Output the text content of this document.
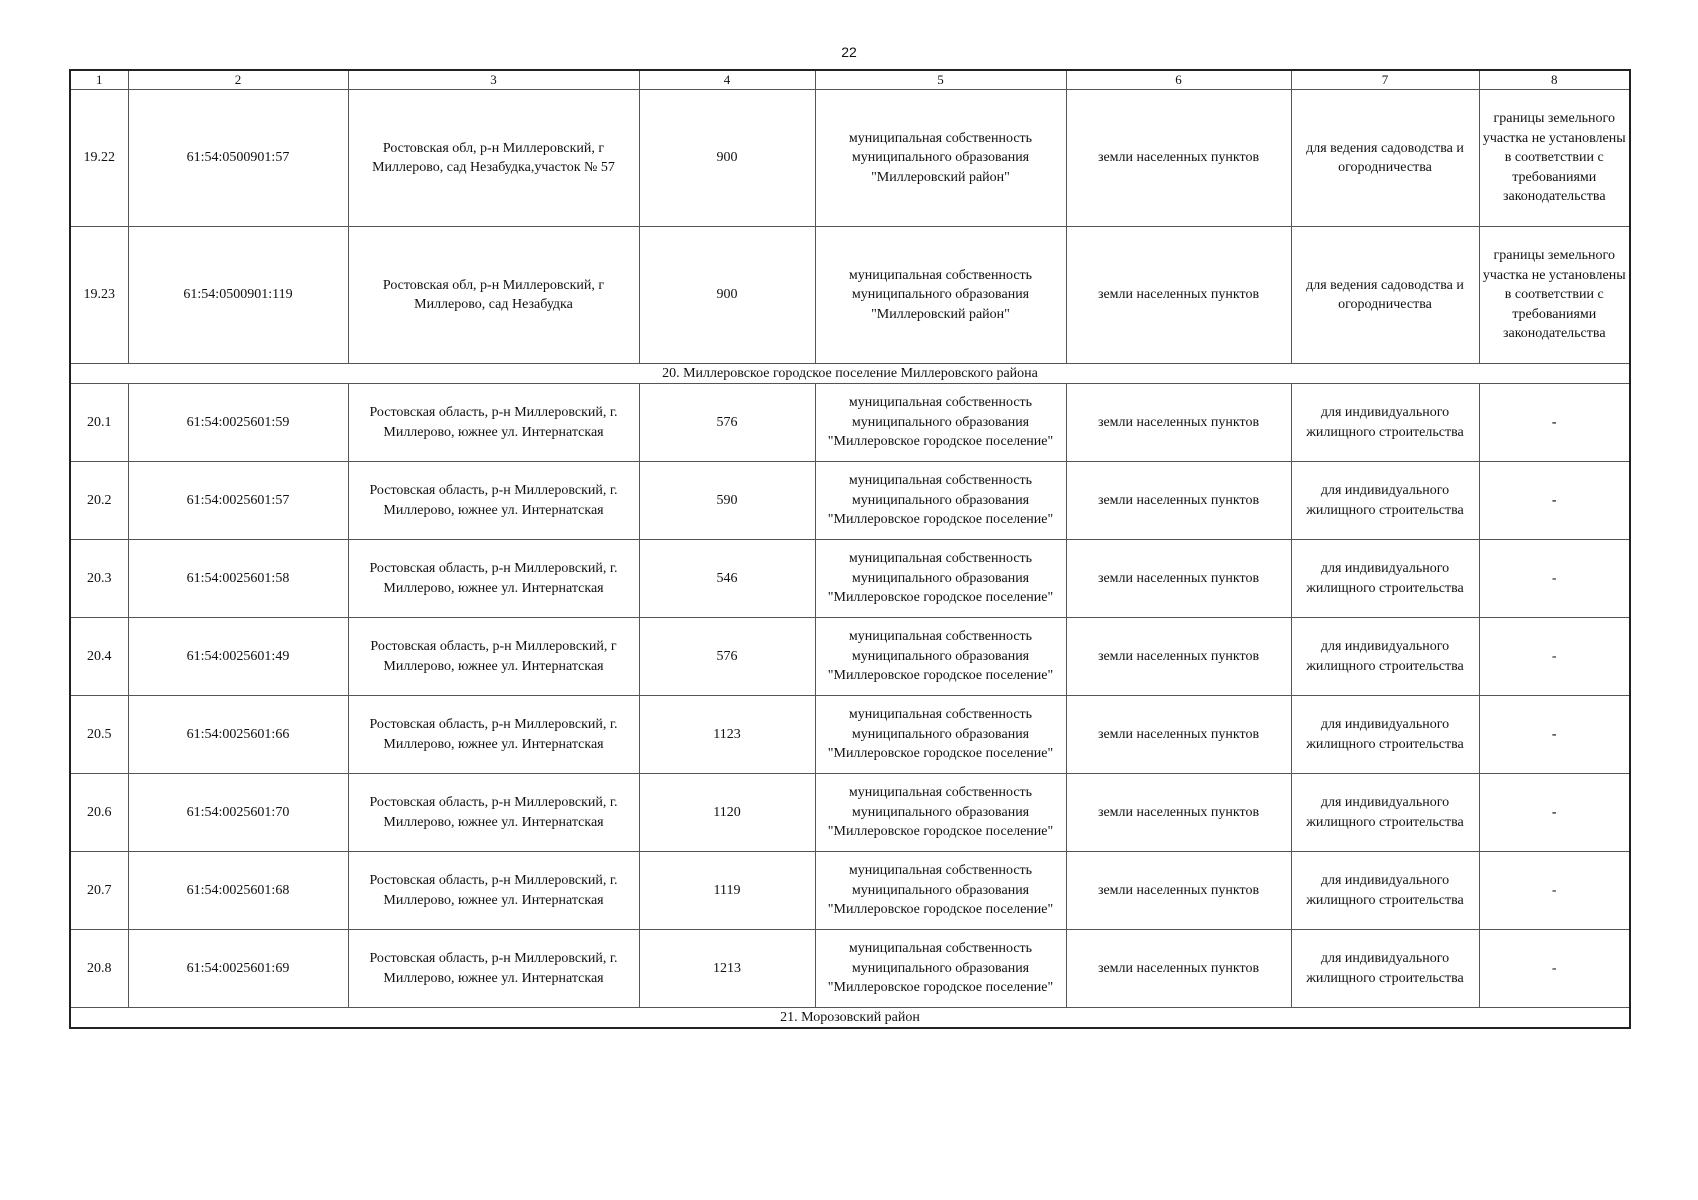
22
1	2	3	4	5	6	7	8
19.22	61:54:0500901:57	Ростовская обл, р-н Миллеровский, г Миллерово, сад Незабудка,участок № 57	900	муниципальная собственность муниципального образования "Миллеровский район"	земли населенных пунктов	для ведения садоводства и огородничества	границы земельного участка не установлены в соответствии с требованиями законодательства
19.23	61:54:0500901:119	Ростовская обл, р-н Миллеровский, г Миллерово, сад Незабудка	900	муниципальная собственность муниципального образования "Миллеровский район"	земли населенных пунктов	для ведения садоводства и огородничества	границы земельного участка не установлены в соответствии с требованиями законодательства
20. Миллеровское городское поселение Миллеровского района							
20.1	61:54:0025601:59	Ростовская область, р-н Миллеровский, г. Миллерово, южнее ул. Интернатская	576	муниципальная собственность муниципального образования "Миллеровское городское поселение"	земли населенных пунктов	для индивидуального жилищного строительства	-
20.2	61:54:0025601:57	Ростовская область, р-н Миллеровский, г. Миллерово, южнее ул. Интернатская	590	муниципальная собственность муниципального образования "Миллеровское городское поселение"	земли населенных пунктов	для индивидуального жилищного строительства	-
20.3	61:54:0025601:58	Ростовская область, р-н Миллеровский, г. Миллерово, южнее ул. Интернатская	546	муниципальная собственность муниципального образования "Миллеровское городское поселение"	земли населенных пунктов	для индивидуального жилищного строительства	-
20.4	61:54:0025601:49	Ростовская область, р-н Миллеровский, г Миллерово, южнее ул. Интернатская	576	муниципальная собственность муниципального образования "Миллеровское городское поселение"	земли населенных пунктов	для индивидуального жилищного строительства	-
20.5	61:54:0025601:66	Ростовская область, р-н Миллеровский, г. Миллерово, южнее ул. Интернатская	1123	муниципальная собственность муниципального образования "Миллеровское городское поселение"	земли населенных пунктов	для индивидуального жилищного строительства	-
20.6	61:54:0025601:70	Ростовская область, р-н Миллеровский, г. Миллерово, южнее ул. Интернатская	1120	муниципальная собственность муниципального образования "Миллеровское городское поселение"	земли населенных пунктов	для индивидуального жилищного строительства	-
20.7	61:54:0025601:68	Ростовская область, р-н Миллеровский, г. Миллерово, южнее ул. Интернатская	1119	муниципальная собственность муниципального образования "Миллеровское городское поселение"	земли населенных пунктов	для индивидуального жилищного строительства	-
20.8	61:54:0025601:69	Ростовская область, р-н Миллеровский, г. Миллерово, южнее ул. Интернатская	1213	муниципальная собственность муниципального образования "Миллеровское городское поселение"	земли населенных пунктов	для индивидуального жилищного строительства	-
21. Морозовский район							
